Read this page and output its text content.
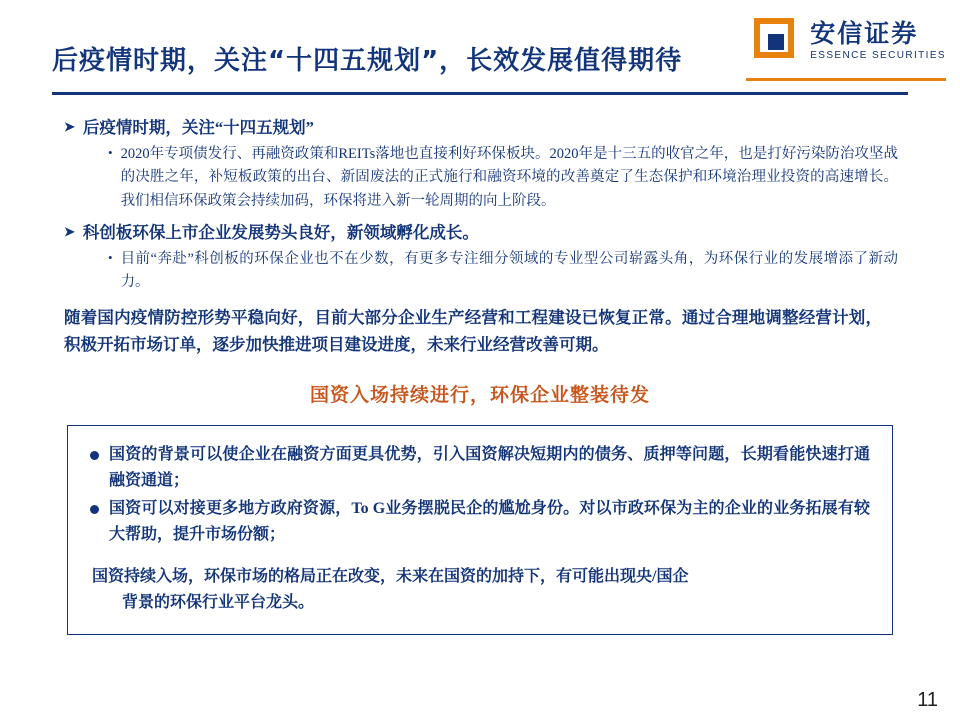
后疫情时期，关注“十四五规划”，长效发展值得期待
安信证券
ESSENCE SECURITIES
➤ 后疫情时期，关注“十四五规划”
• 2020年专项债发行、再融资政策和REITs落地也直接利好环保板块。2020年是十三五的收官之年，也是打好污染防治攻坚战的决胜之年，补短板政策的出台、新固废法的正式施行和融资环境的改善奠定了生态保护和环境治理业投资的高速增长。我们相信环保政策会持续加码，环保将进入新一轮周期的向上阶段。
➤ 科创板环保上市企业发展势头良好，新领域孵化成长。
• 目前“奔赴”科创板的环保企业也不在少数，有更多专注细分领域的专业型公司崭露头角，为环保行业的发展增添了新动力。
随着国内疫情防控形势平稳向好，目前大部分企业生产经营和工程建设已恢复正常。通过合理地调整经营计划，积极开拓市场订单，逐步加快推进项目建设进度，未来行业经营改善可期。
国资入场持续进行，环保企业整装待发
国资的背景可以使企业在融资方面更具优势，引入国资解决短期内的债务、质押等问题，长期看能快速打通融资通道；
国资可以对接更多地方政府资源，To G业务摆脱民企的尴尬身份。对以市政环保为主的企业的业务拓展有较大帮助，提升市场份额；
国资持续入场，环保市场的格局正在改变，未来在国资的加持下，有可能出现央/国企
背景的环保行业平台龙头。
11
